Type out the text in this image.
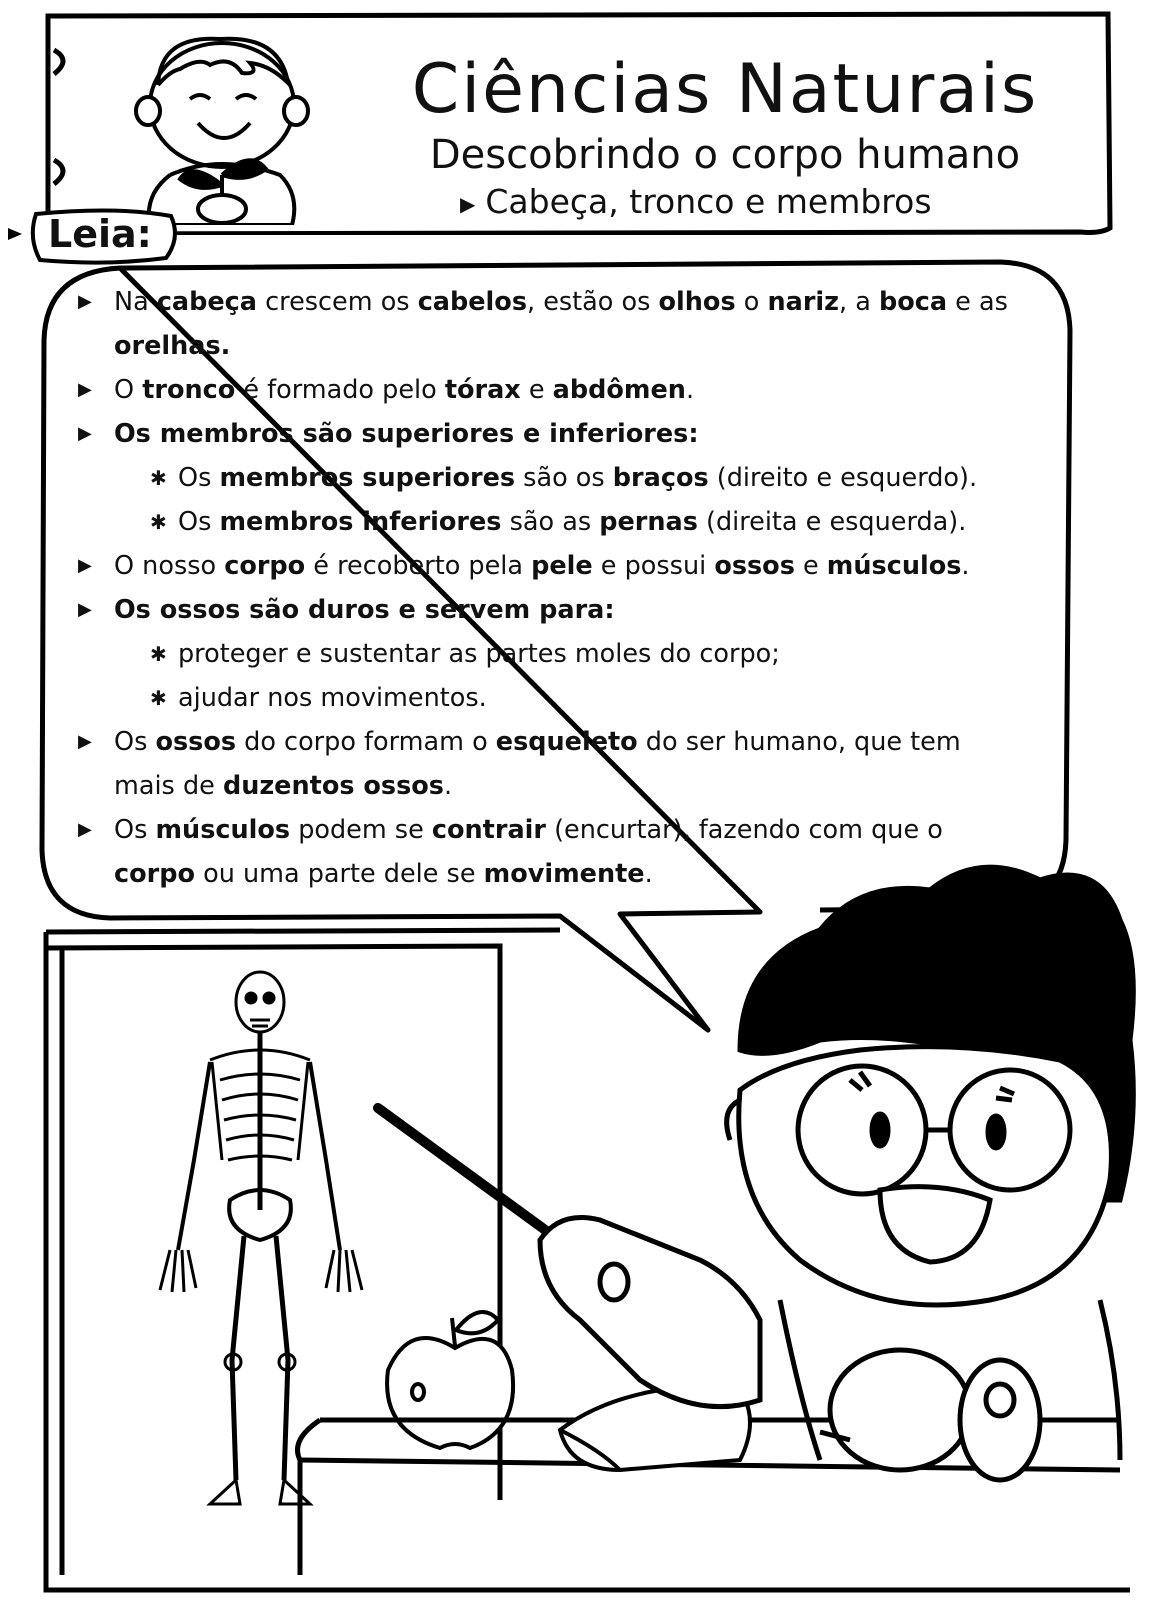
Ciências Naturais
Descobrindo o corpo humano
▶ Cabeça, tronco e membros
Leia:
▶ Na cabeça crescem os cabelos, estão os olhos o nariz, a boca e as
orelhas.
▶ O tronco é formado pelo tórax e abdômen.
▶ Os membros são superiores e inferiores:
✱ Os membros superiores são os braços (direito e esquerdo).
✱ Os membros inferiores são as pernas (direita e esquerda).
▶ O nosso corpo é recoberto pela pele e possui ossos e músculos.
▶ Os ossos são duros e servem para:
✱ proteger e sustentar as partes moles do corpo;
✱ ajudar nos movimentos.
▶ Os ossos do corpo formam o esqueleto do ser humano, que tem
mais de duzentos ossos.
▶ Os músculos podem se contrair (encurtar), fazendo com que o
corpo ou uma parte dele se movimente.
